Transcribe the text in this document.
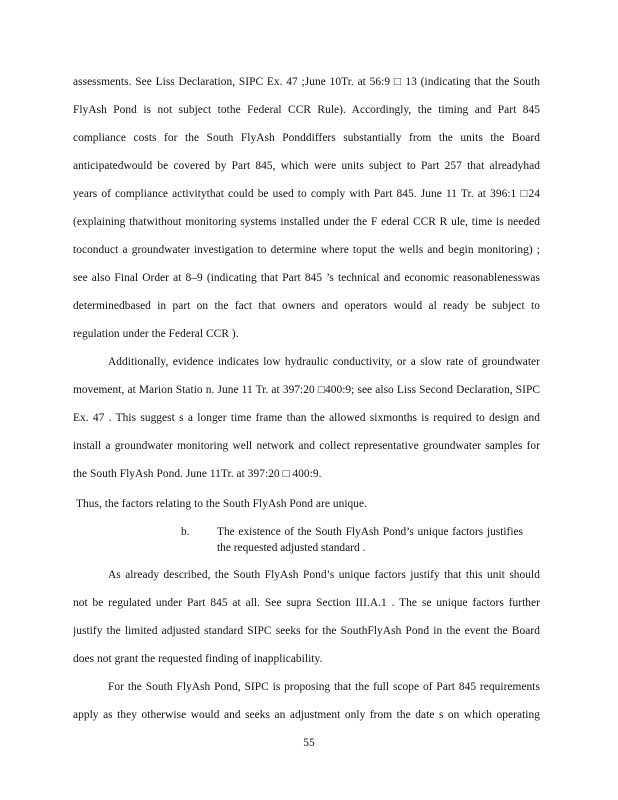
assessments. See Liss Declaration, SIPC Ex. 47 ;June 10Tr. at 56:9 □ 13 (indicating that the South
FlyAsh Pond is not subject tothe Federal CCR Rule). Accordingly, the timing and Part 845
compliance costs for the South FlyAsh Ponddiffers substantially from the units the Board
anticipatedwould be covered by Part 845, which were units subject to Part 257 that alreadyhad
years of compliance activitythat could be used to comply with Part 845. June 11 Tr. at 396:1 □24
(explaining thatwithout monitoring systems installed under the F ederal CCR R ule, time is needed
toconduct a groundwater investigation to determine where toput the wells and begin monitoring) ;
see also Final Order at 8–9 (indicating that Part 845 ’s technical and economic reasonablenesswas
determinedbased in part on the fact that owners and operators would al ready be subject to
regulation under the Federal CCR ).
Additionally, evidence indicates low hydraulic conductivity, or a slow rate of groundwater
movement, at Marion Statio n. June 11 Tr. at 397:20 □400:9; see also Liss Second Declaration, SIPC
Ex. 47 . This suggest s a longer time frame than the allowed sixmonths is required to design and
install a groundwater monitoring well network and collect representative groundwater samples for
the South FlyAsh Pond. June 11Tr. at 397:20 □ 400:9.
Thus, the factors relating to the South FlyAsh Pond are unique.
b. The existence of the South FlyAsh Pond’s unique factors justifies
the requested adjusted standard .
As already described, the South FlyAsh Pond’s unique factors justify that this unit should
not be regulated under Part 845 at all. See supra Section III.A.1 . The se unique factors further
justify the limited adjusted standard SIPC seeks for the SouthFlyAsh Pond in the event the Board
does not grant the requested finding of inapplicability.
For the South FlyAsh Pond, SIPC is proposing that the full scope of Part 845 requirements
apply as they otherwise would and seeks an adjustment only from the date s on which operating
55
